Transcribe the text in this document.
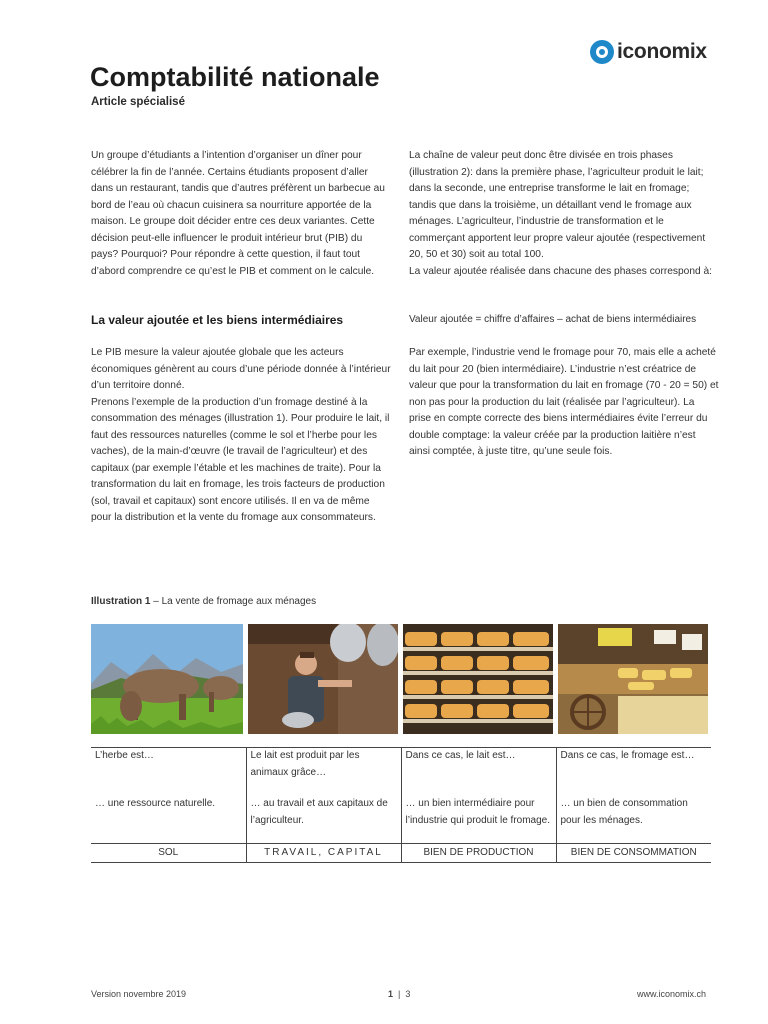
iconomix
Comptabilité nationale
Article spécialisé

Un groupe d’étudiants a l’intention d’organiser un dîner pour célébrer la fin de l’année. Certains étudiants proposent d’aller dans un restaurant, tandis que d’autres préfèrent un barbecue au bord de l’eau où chacun cuisinera sa nourriture apportée de la maison. Le groupe doit décider entre ces deux variantes. Cette décision peut-elle influencer le produit intérieur brut (PIB) du pays? Pourquoi? Pour répondre à cette question, il faut tout d’abord comprendre ce qu’est le PIB et comment on le calcule.

La valeur ajoutée et les biens intermédiaires

Le PIB mesure la valeur ajoutée globale que les acteurs économiques génèrent au cours d’une période donnée à l’intérieur d’un territoire donné.

Prenons l’exemple de la production d’un fromage destiné à la consommation des ménages (illustration 1). Pour produire le lait, il faut des ressources naturelles (comme le sol et l’herbe pour les vaches), de la main-d’œuvre (le travail de l’agriculteur) et des capitaux (par exemple l’étable et les machines de traite). Pour la transformation du lait en fromage, les trois facteurs de production (sol, travail et capitaux) sont encore utilisés. Il en va de même pour la distribution et la vente du fromage aux consommateurs.

La chaîne de valeur peut donc être divisée en trois phases (illustration 2): dans la première phase, l’agriculteur produit le lait; dans la seconde, une entreprise transforme le lait en fromage; tandis que dans la troisième, un détaillant vend le fromage aux ménages. L’agriculteur, l’industrie de transformation et le commerçant apportent leur propre valeur ajoutée (respectivement 20, 50 et 30) soit au total 100.

La valeur ajoutée réalisée dans chacune des phases correspond à:

Valeur ajoutée = chiffre d’affaires – achat de biens intermédiaires

Par exemple, l’industrie vend le fromage pour 70, mais elle a acheté du lait pour 20 (bien intermédiaire). L’industrie n’est créatrice de valeur que pour la transformation du lait en fromage (70 - 20 = 50) et non pas pour la production du lait (réalisée par l’agriculteur). La prise en compte correcte des biens intermédiaires évite l’erreur du double comptage: la valeur créée par la production laitière n’est ainsi comptée, à juste titre, qu’une seule fois.

Illustration 1 – La vente de fromage aux ménages
L’herbe est…	Le lait est produit par les animaux grâce…	Dans ce cas, le lait est…	Dans ce cas, le fromage est…
… une ressource naturelle.	… au travail et aux capitaux de l’agriculteur.	… un bien intermédiaire pour l’industrie qui produit le fromage.	… un bien de consommation pour les ménages.
SOL	TRAVAIL, CAPITAL	BIEN DE PRODUCTION	BIEN DE CONSOMMATION
Version novembre 2019	1 | 3	www.iconomix.ch
